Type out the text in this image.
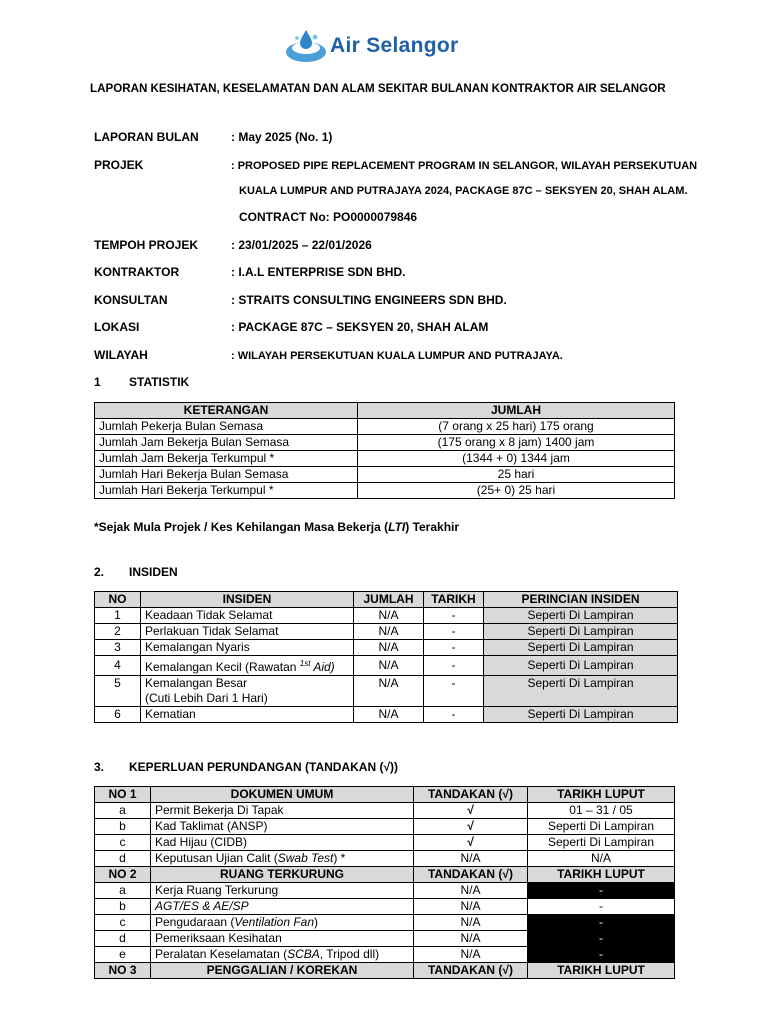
Air Selangor
LAPORAN KESIHATAN, KESELAMATAN DAN ALAM SEKITAR BULANAN KONTRAKTOR AIR SELANGOR
LAPORAN BULAN	: May 2025 (No. 1)
PROJEK	: PROPOSED PIPE REPLACEMENT PROGRAM IN SELANGOR, WILAYAH PERSEKUTUAN
KUALA LUMPUR AND PUTRAJAYA 2024, PACKAGE 87C – SEKSYEN 20, SHAH ALAM.
CONTRACT No: PO0000079846
TEMPOH PROJEK	: 23/01/2025 – 22/01/2026
KONTRAKTOR	: I.A.L ENTERPRISE SDN BHD.
KONSULTAN	: STRAITS CONSULTING ENGINEERS SDN BHD.
LOKASI	: PACKAGE 87C – SEKSYEN 20, SHAH ALAM
WILAYAH	: WILAYAH PERSEKUTUAN KUALA LUMPUR AND PUTRAJAYA.
1 STATISTIK
KETERANGAN	JUMLAH
Jumlah Pekerja Bulan Semasa	(7 orang x 25 hari) 175 orang
Jumlah Jam Bekerja Bulan Semasa	(175 orang x 8 jam) 1400 jam
Jumlah Jam Bekerja Terkumpul *	(1344 + 0) 1344 jam
Jumlah Hari Bekerja Bulan Semasa	25 hari
Jumlah Hari Bekerja Terkumpul *	(25+ 0) 25 hari
*Sejak Mula Projek / Kes Kehilangan Masa Bekerja (LTI) Terakhir
2. INSIDEN
NO	INSIDEN	JUMLAH	TARIKH	PERINCIAN INSIDEN
1	Keadaan Tidak Selamat	N/A	-	Seperti Di Lampiran
2	Perlakuan Tidak Selamat	N/A	-	Seperti Di Lampiran
3	Kemalangan Nyaris	N/A	-	Seperti Di Lampiran
4	Kemalangan Kecil (Rawatan $^{1st}$ Aid)	N/A	-	Seperti Di Lampiran
5	Kemalangan Besar
(Cuti Lebih Dari 1 Hari)	N/A	-	Seperti Di Lampiran
6	Kematian	N/A	-	Seperti Di Lampiran
3. KEPERLUAN PERUNDANGAN (TANDAKAN (√))
NO 1	DOKUMEN UMUM	TANDAKAN (√)	TARIKH LUPUT
a	Permit Bekerja Di Tapak	√	01 – 31 / 05
b	Kad Taklimat (ANSP)	√	Seperti Di Lampiran
c	Kad Hijau (CIDB)	√	Seperti Di Lampiran
d	Keputusan Ujian Calit (Swab Test) *	N/A	N/A
NO 2	RUANG TERKURUNG	TANDAKAN (√)	TARIKH LUPUT
a	Kerja Ruang Terkurung	N/A	-
b	AGT/ES & AE/SP	N/A	-
c	Pengudaraan (Ventilation Fan)	N/A	-
d	Pemeriksaan Kesihatan	N/A	-
e	Peralatan Keselamatan (SCBA, Tripod dll)	N/A	-
NO 3	PENGGALIAN / KOREKAN	TANDAKAN (√)	TARIKH LUPUT
